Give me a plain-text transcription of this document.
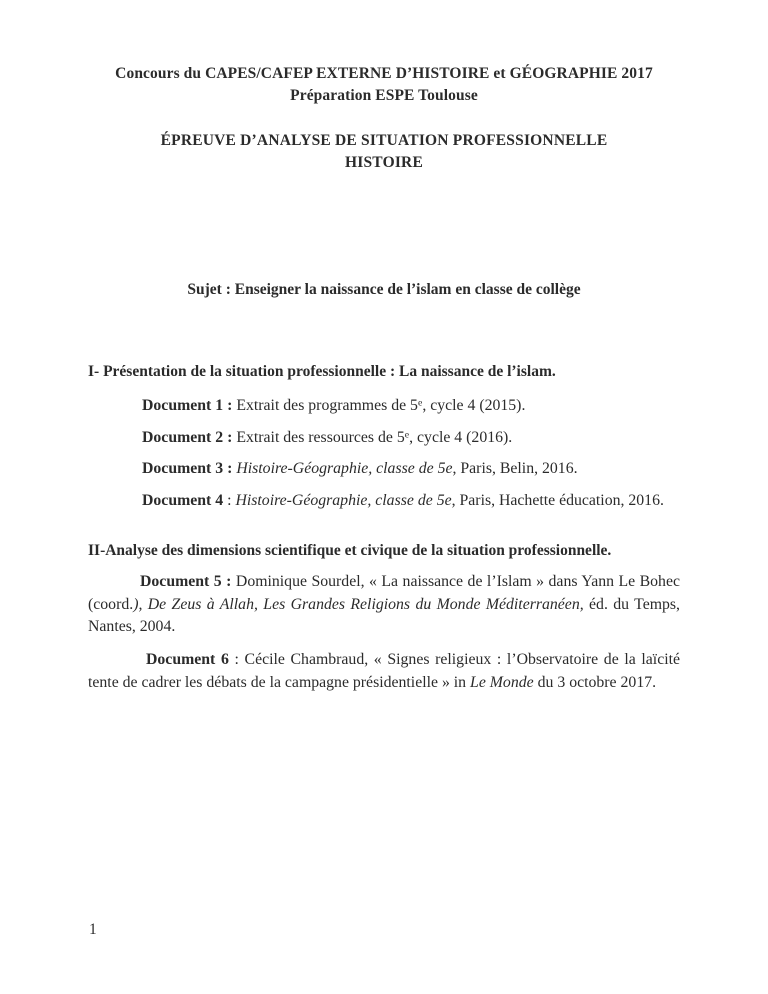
Concours du CAPES/CAFEP EXTERNE D’HISTOIRE et GÉOGRAPHIE 2017
Préparation ESPE Toulouse
ÉPREUVE D’ANALYSE DE SITUATION PROFESSIONNELLE
HISTOIRE
Sujet : Enseigner la naissance de l’islam en classe de collège
I- Présentation de la situation professionnelle : La naissance de l’islam.
Document 1 : Extrait des programmes de 5e, cycle 4 (2015).
Document 2 : Extrait des ressources de 5e, cycle 4 (2016).
Document 3 : Histoire-Géographie, classe de 5e, Paris, Belin, 2016.
Document 4 : Histoire-Géographie, classe de 5e, Paris, Hachette éducation, 2016.
II-Analyse des dimensions scientifique et civique de la situation professionnelle.
Document 5 : Dominique Sourdel, « La naissance de l’Islam » dans Yann Le Bohec (coord.), De Zeus à Allah, Les Grandes Religions du Monde Méditerranéen, éd. du Temps, Nantes, 2004.
Document 6 : Cécile Chambraud, « Signes religieux : l’Observatoire de la laïcité tente de cadrer les débats de la campagne présidentielle » in Le Monde du 3 octobre 2017.
1
